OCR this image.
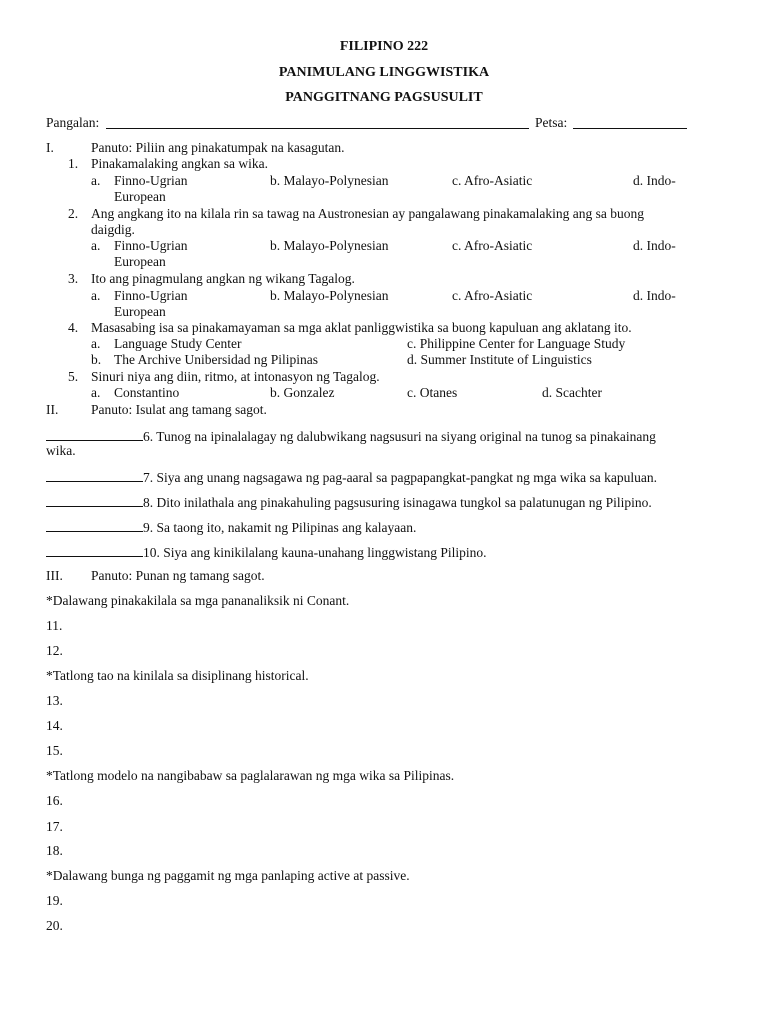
FILIPINO 222
PANIMULANG LINGGWISTIKA
PANGGITNANG PAGSUSULIT
Pangalan:	Petsa:
I.	Panuto: Piliin ang pinakatumpak na kasagutan.
1. Pinakamalaking angkan sa wika.
a. Finno-Ugrian	b. Malayo-Polynesian	c. Afro-Asiatic	d. Indo-
European
2. Ang angkang ito na kilala rin sa tawag na Austronesian ay pangalawang pinakamalaking ang sa buong
daigdig.
a. Finno-Ugrian	b. Malayo-Polynesian	c. Afro-Asiatic	d. Indo-
European
3. Ito ang pinagmulang angkan ng wikang Tagalog.
a. Finno-Ugrian	b. Malayo-Polynesian	c. Afro-Asiatic	d. Indo-
European
4. Masasabing isa sa pinakamayaman sa mga aklat panliggwistika sa buong kapuluan ang aklatang ito.
a. Language Study Center	c. Philippine Center for Language Study
b. The Archive Unibersidad ng Pilipinas	d. Summer Institute of Linguistics
5. Sinuri niya ang diin, ritmo, at intonasyon ng Tagalog.
a. Constantino	b. Gonzalez	c. Otanes	d. Scachter
II. Panuto: Isulat ang tamang sagot.
6. Tunog na ipinalalagay ng dalubwikang nagsusuri na siyang original na tunog sa pinakainang
wika.
7. Siya ang unang nagsagawa ng pag-aaral sa pagpapangkat-pangkat ng mga wika sa kapuluan.
8. Dito inilathala ang pinakahuling pagsusuring isinagawa tungkol sa palatunugan ng Pilipino.
9. Sa taong ito, nakamit ng Pilipinas ang kalayaan.
10. Siya ang kinikilalang kauna-unahang linggwistang Pilipino.
III. Panuto: Punan ng tamang sagot.
*Dalawang pinakakilala sa mga pananaliksik ni Conant.
11.
12.
*Tatlong tao na kinilala sa disiplinang historical.
13.
14.
15.
*Tatlong modelo na nangibabaw sa paglalarawan ng mga wika sa Pilipinas.
16.
17.
18.
*Dalawang bunga ng paggamit ng mga panlaping active at passive.
19.
20.
